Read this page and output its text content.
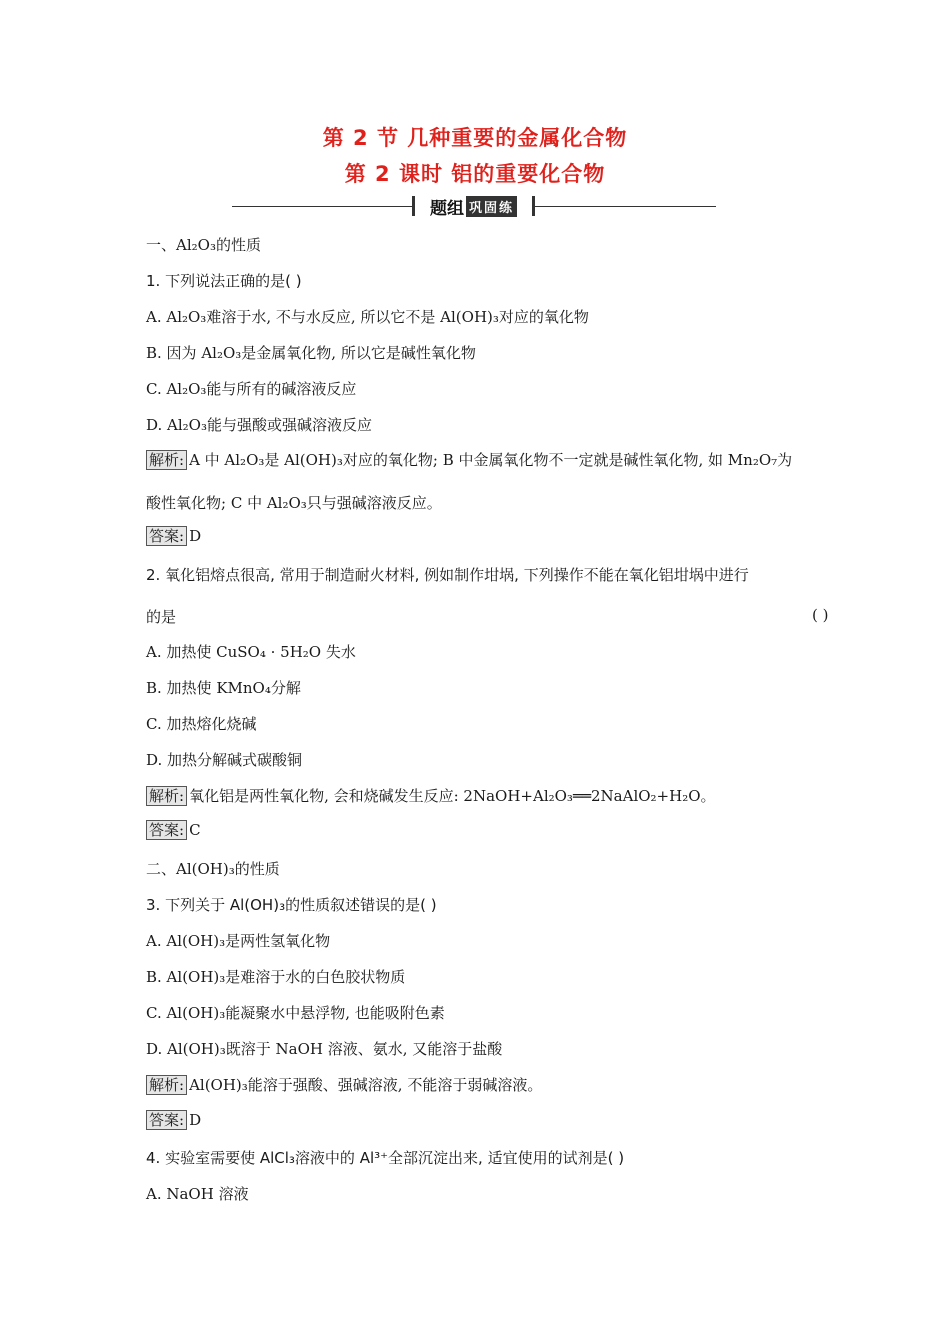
第 2 节 几种重要的金属化合物
第 2 课时 铝的重要化合物
题组 巩固练
一、Al₂O₃的性质
1. 下列说法正确的是( )
A. Al₂O₃难溶于水, 不与水反应, 所以它不是 Al(OH)₃对应的氧化物
B. 因为 Al₂O₃是金属氧化物, 所以它是碱性氧化物
C. Al₂O₃能与所有的碱溶液反应
D. Al₂O₃能与强酸或强碱溶液反应
解析: A 中 Al₂O₃是 Al(OH)₃对应的氧化物; B 中金属氧化物不一定就是碱性氧化物, 如 Mn₂O₇为
酸性氧化物; C 中 Al₂O₃只与强碱溶液反应。
答案: D
2. 氧化铝熔点很高, 常用于制造耐火材料, 例如制作坩埚, 下列操作不能在氧化铝坩埚中进行
的是	( )
A. 加热使 CuSO₄ · 5H₂O 失水
B. 加热使 KMnO₄分解
C. 加热熔化烧碱
D. 加热分解碱式碳酸铜
解析: 氧化铝是两性氧化物, 会和烧碱发生反应: 2NaOH+Al₂O₃══2NaAlO₂+H₂O。
答案: C
二、Al(OH)₃的性质
3. 下列关于 Al(OH)₃的性质叙述错误的是( )
A. Al(OH)₃是两性氢氧化物
B. Al(OH)₃是难溶于水的白色胶状物质
C. Al(OH)₃能凝聚水中悬浮物, 也能吸附色素
D. Al(OH)₃既溶于 NaOH 溶液、氨水, 又能溶于盐酸
解析: Al(OH)₃能溶于强酸、强碱溶液, 不能溶于弱碱溶液。
答案: D
4. 实验室需要使 AlCl₃溶液中的 Al³⁺全部沉淀出来, 适宜使用的试剂是( )
A. NaOH 溶液
